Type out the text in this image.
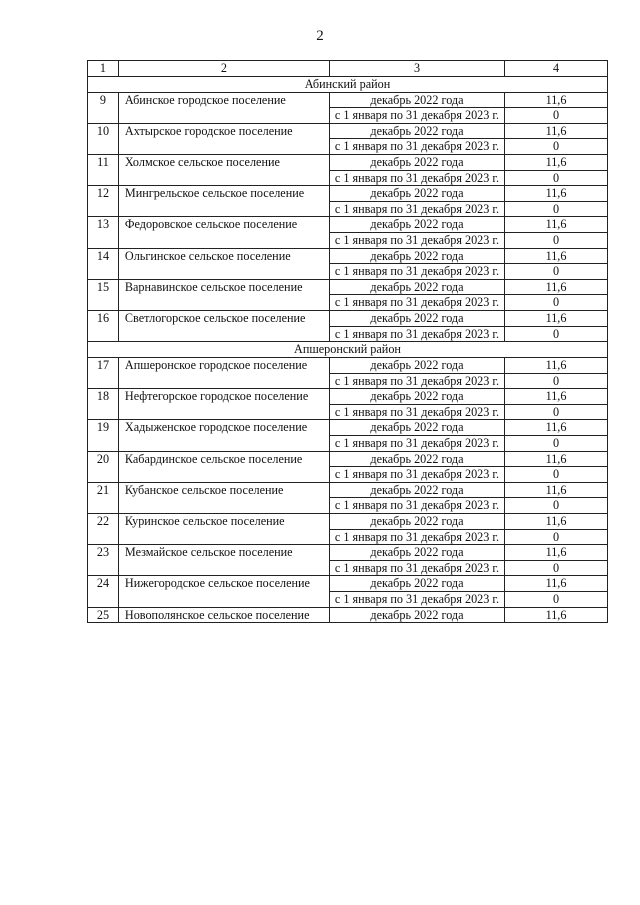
2
1	2	3	4
Абинский район			
9	Абинское городское поселение	декабрь 2022 года	11,6
		с 1 января по 31 декабря 2023 г.	0
10	Ахтырское городское поселение	декабрь 2022 года	11,6
		с 1 января по 31 декабря 2023 г.	0
11	Холмское сельское поселение	декабрь 2022 года	11,6
		с 1 января по 31 декабря 2023 г.	0
12	Мингрельское сельское поселение	декабрь 2022 года	11,6
		с 1 января по 31 декабря 2023 г.	0
13	Федоровское сельское поселение	декабрь 2022 года	11,6
		с 1 января по 31 декабря 2023 г.	0
14	Ольгинское сельское поселение	декабрь 2022 года	11,6
		с 1 января по 31 декабря 2023 г.	0
15	Варнавинское сельское поселение	декабрь 2022 года	11,6
		с 1 января по 31 декабря 2023 г.	0
16	Светлогорское сельское поселение	декабрь 2022 года	11,6
		с 1 января по 31 декабря 2023 г.	0
Апшеронский район			
17	Апшеронское городское поселение	декабрь 2022 года	11,6
		с 1 января по 31 декабря 2023 г.	0
18	Нефтегорское городское поселение	декабрь 2022 года	11,6
		с 1 января по 31 декабря 2023 г.	0
19	Хадыженское городское поселение	декабрь 2022 года	11,6
		с 1 января по 31 декабря 2023 г.	0
20	Кабардинское сельское поселение	декабрь 2022 года	11,6
		с 1 января по 31 декабря 2023 г.	0
21	Кубанское сельское поселение	декабрь 2022 года	11,6
		с 1 января по 31 декабря 2023 г.	0
22	Куринское сельское поселение	декабрь 2022 года	11,6
		с 1 января по 31 декабря 2023 г.	0
23	Мезмайское сельское поселение	декабрь 2022 года	11,6
		с 1 января по 31 декабря 2023 г.	0
24	Нижегородское сельское поселение	декабрь 2022 года	11,6
		с 1 января по 31 декабря 2023 г.	0
25	Новополянское сельское поселение	декабрь 2022 года	11,6
